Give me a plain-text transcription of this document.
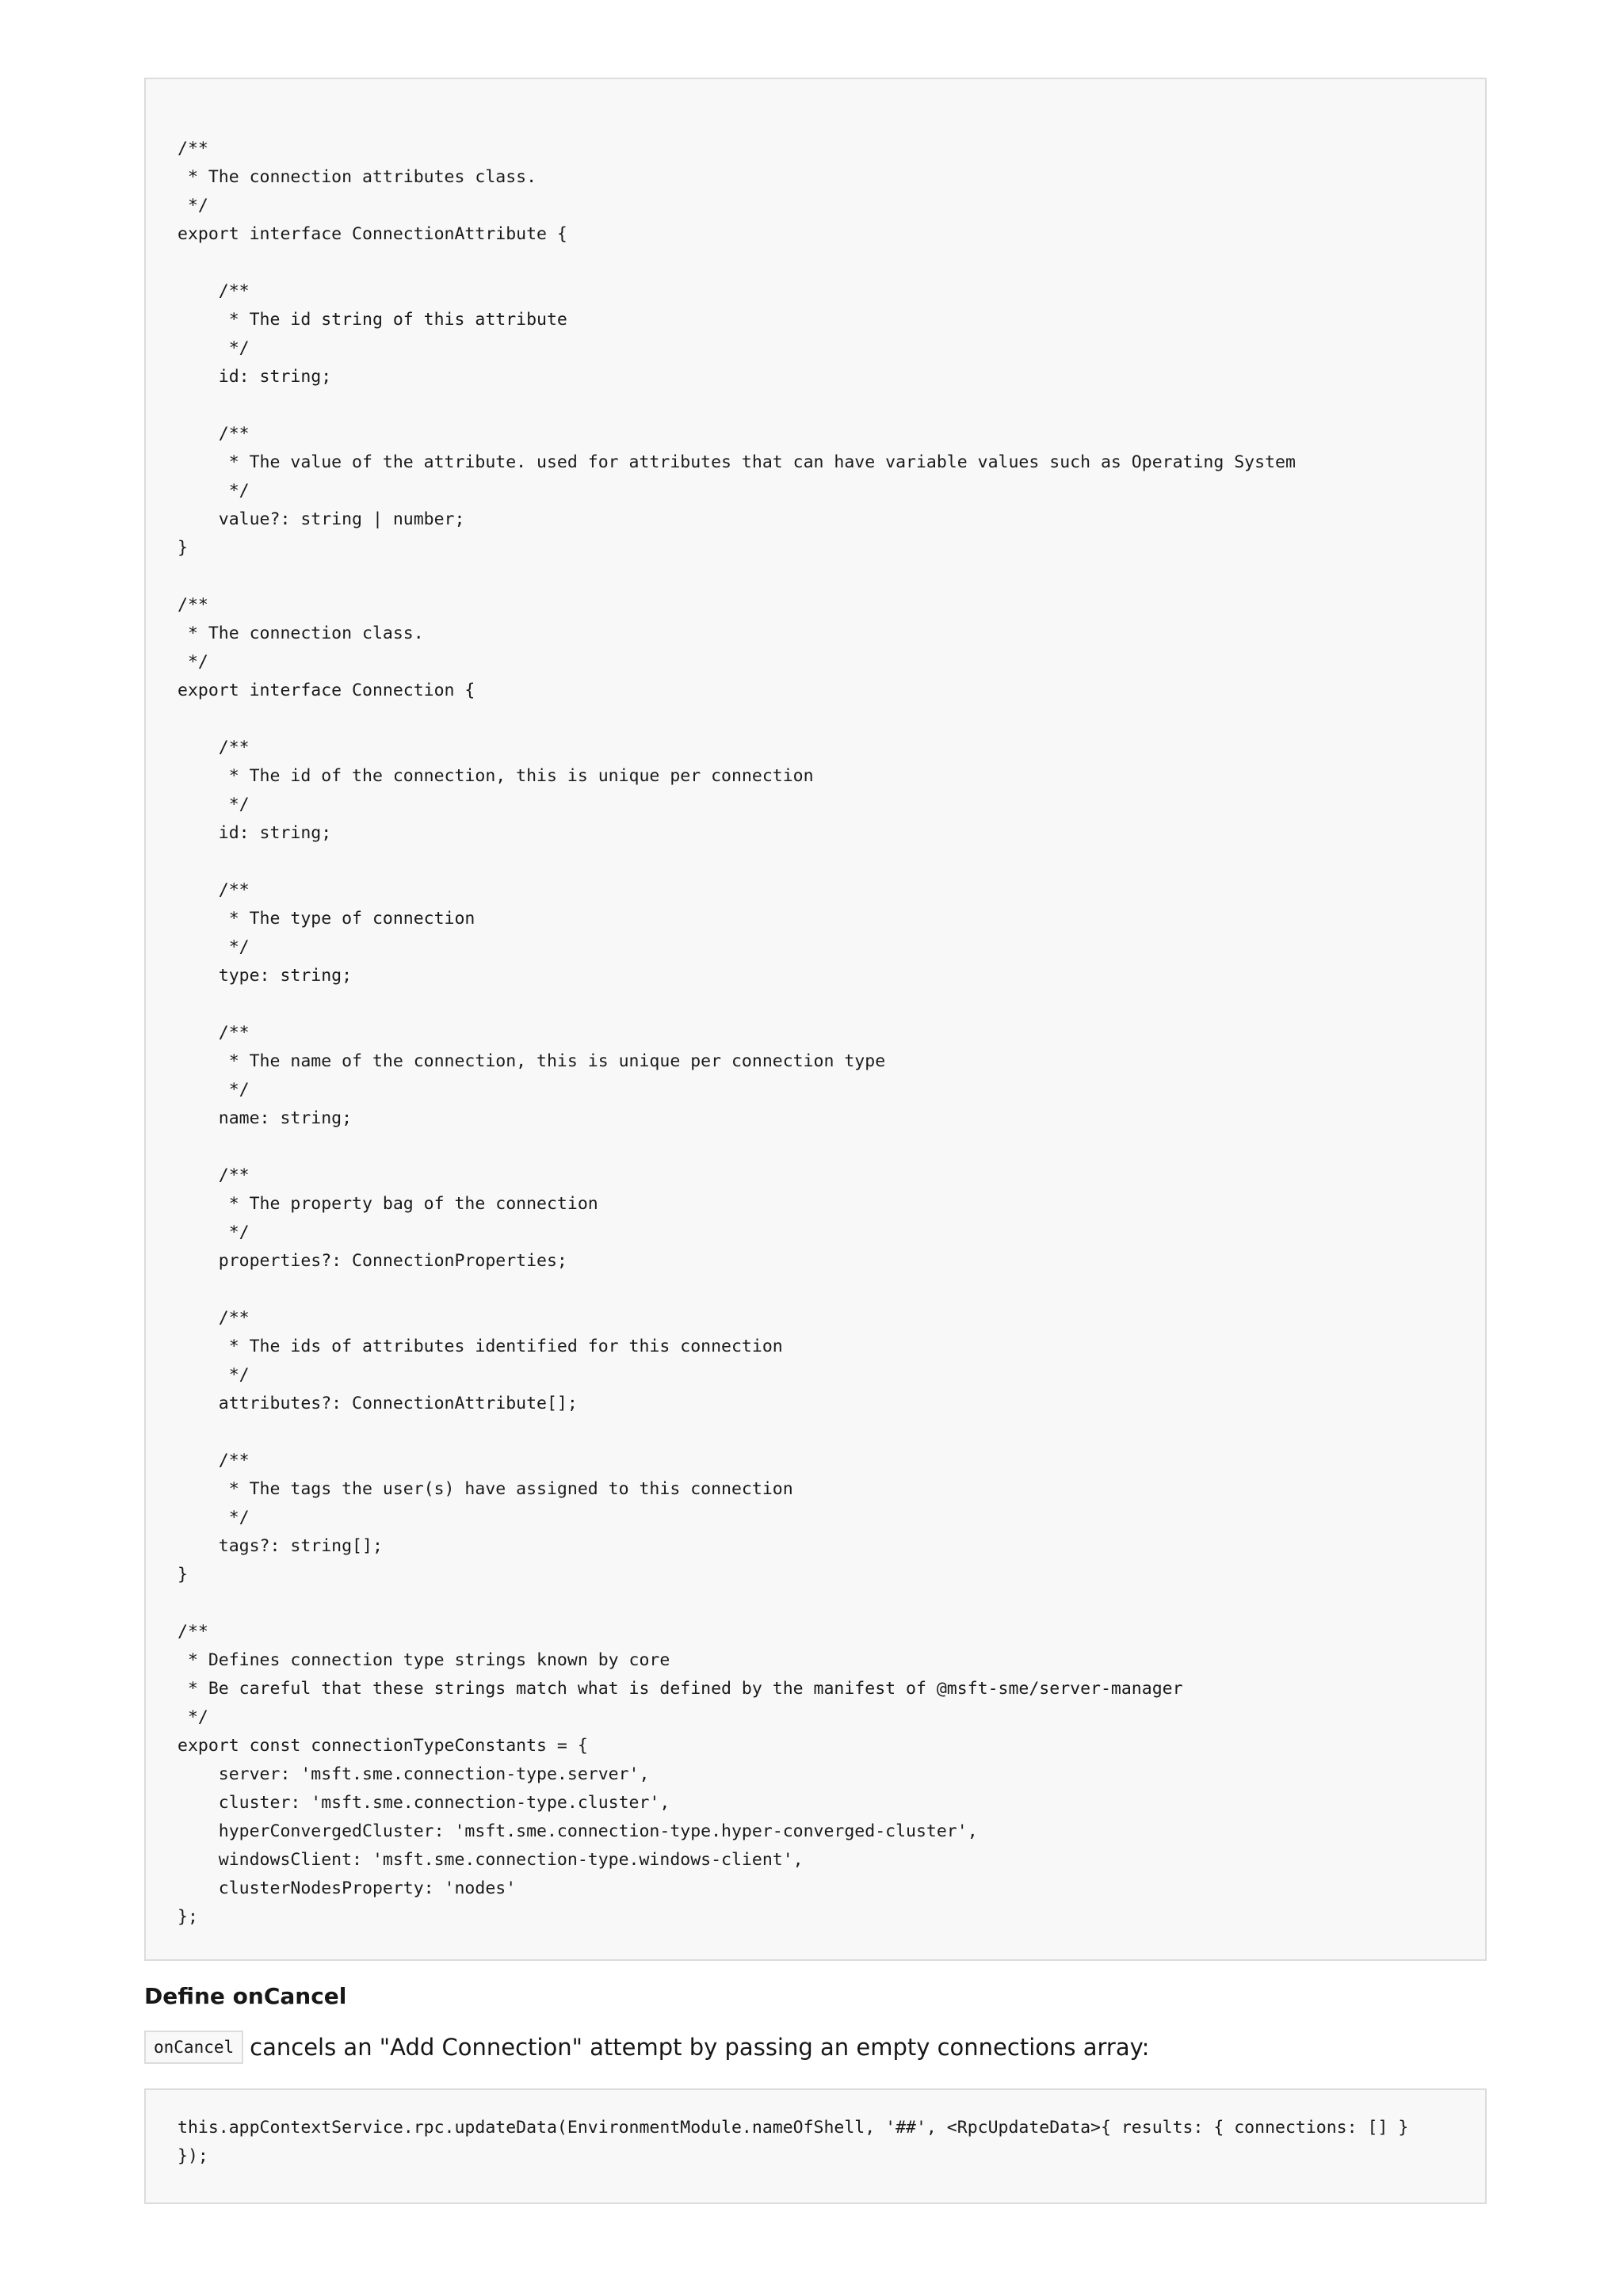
/**
* The connection attributes class.
*/
export interface ConnectionAttribute {

/**
* The id string of this attribute
*/
id: string;

/**
* The value of the attribute. used for attributes that can have variable values such as Operating System
*/
value?: string | number;
}

/**
* The connection class.
*/
export interface Connection {

/**
* The id of the connection, this is unique per connection
*/
id: string;

/**
* The type of connection
*/
type: string;

/**
* The name of the connection, this is unique per connection type
*/
name: string;

/**
* The property bag of the connection
*/
properties?: ConnectionProperties;

/**
* The ids of attributes identified for this connection
*/
attributes?: ConnectionAttribute[];

/**
* The tags the user(s) have assigned to this connection
*/
tags?: string[];
}

/**
* Defines connection type strings known by core
* Be careful that these strings match what is defined by the manifest of @msft-sme/server-manager
*/
export const connectionTypeConstants = {
server: 'msft.sme.connection-type.server',
cluster: 'msft.sme.connection-type.cluster',
hyperConvergedCluster: 'msft.sme.connection-type.hyper-converged-cluster',
windowsClient: 'msft.sme.connection-type.windows-client',
clusterNodesProperty: 'nodes'
};
Define onCancel

onCancel cancels an "Add Connection" attempt by passing an empty connections array:

this.appContextService.rpc.updateData(EnvironmentModule.nameOfShell, '##', <RpcUpdateData>{ results: { connections: [] }
});
